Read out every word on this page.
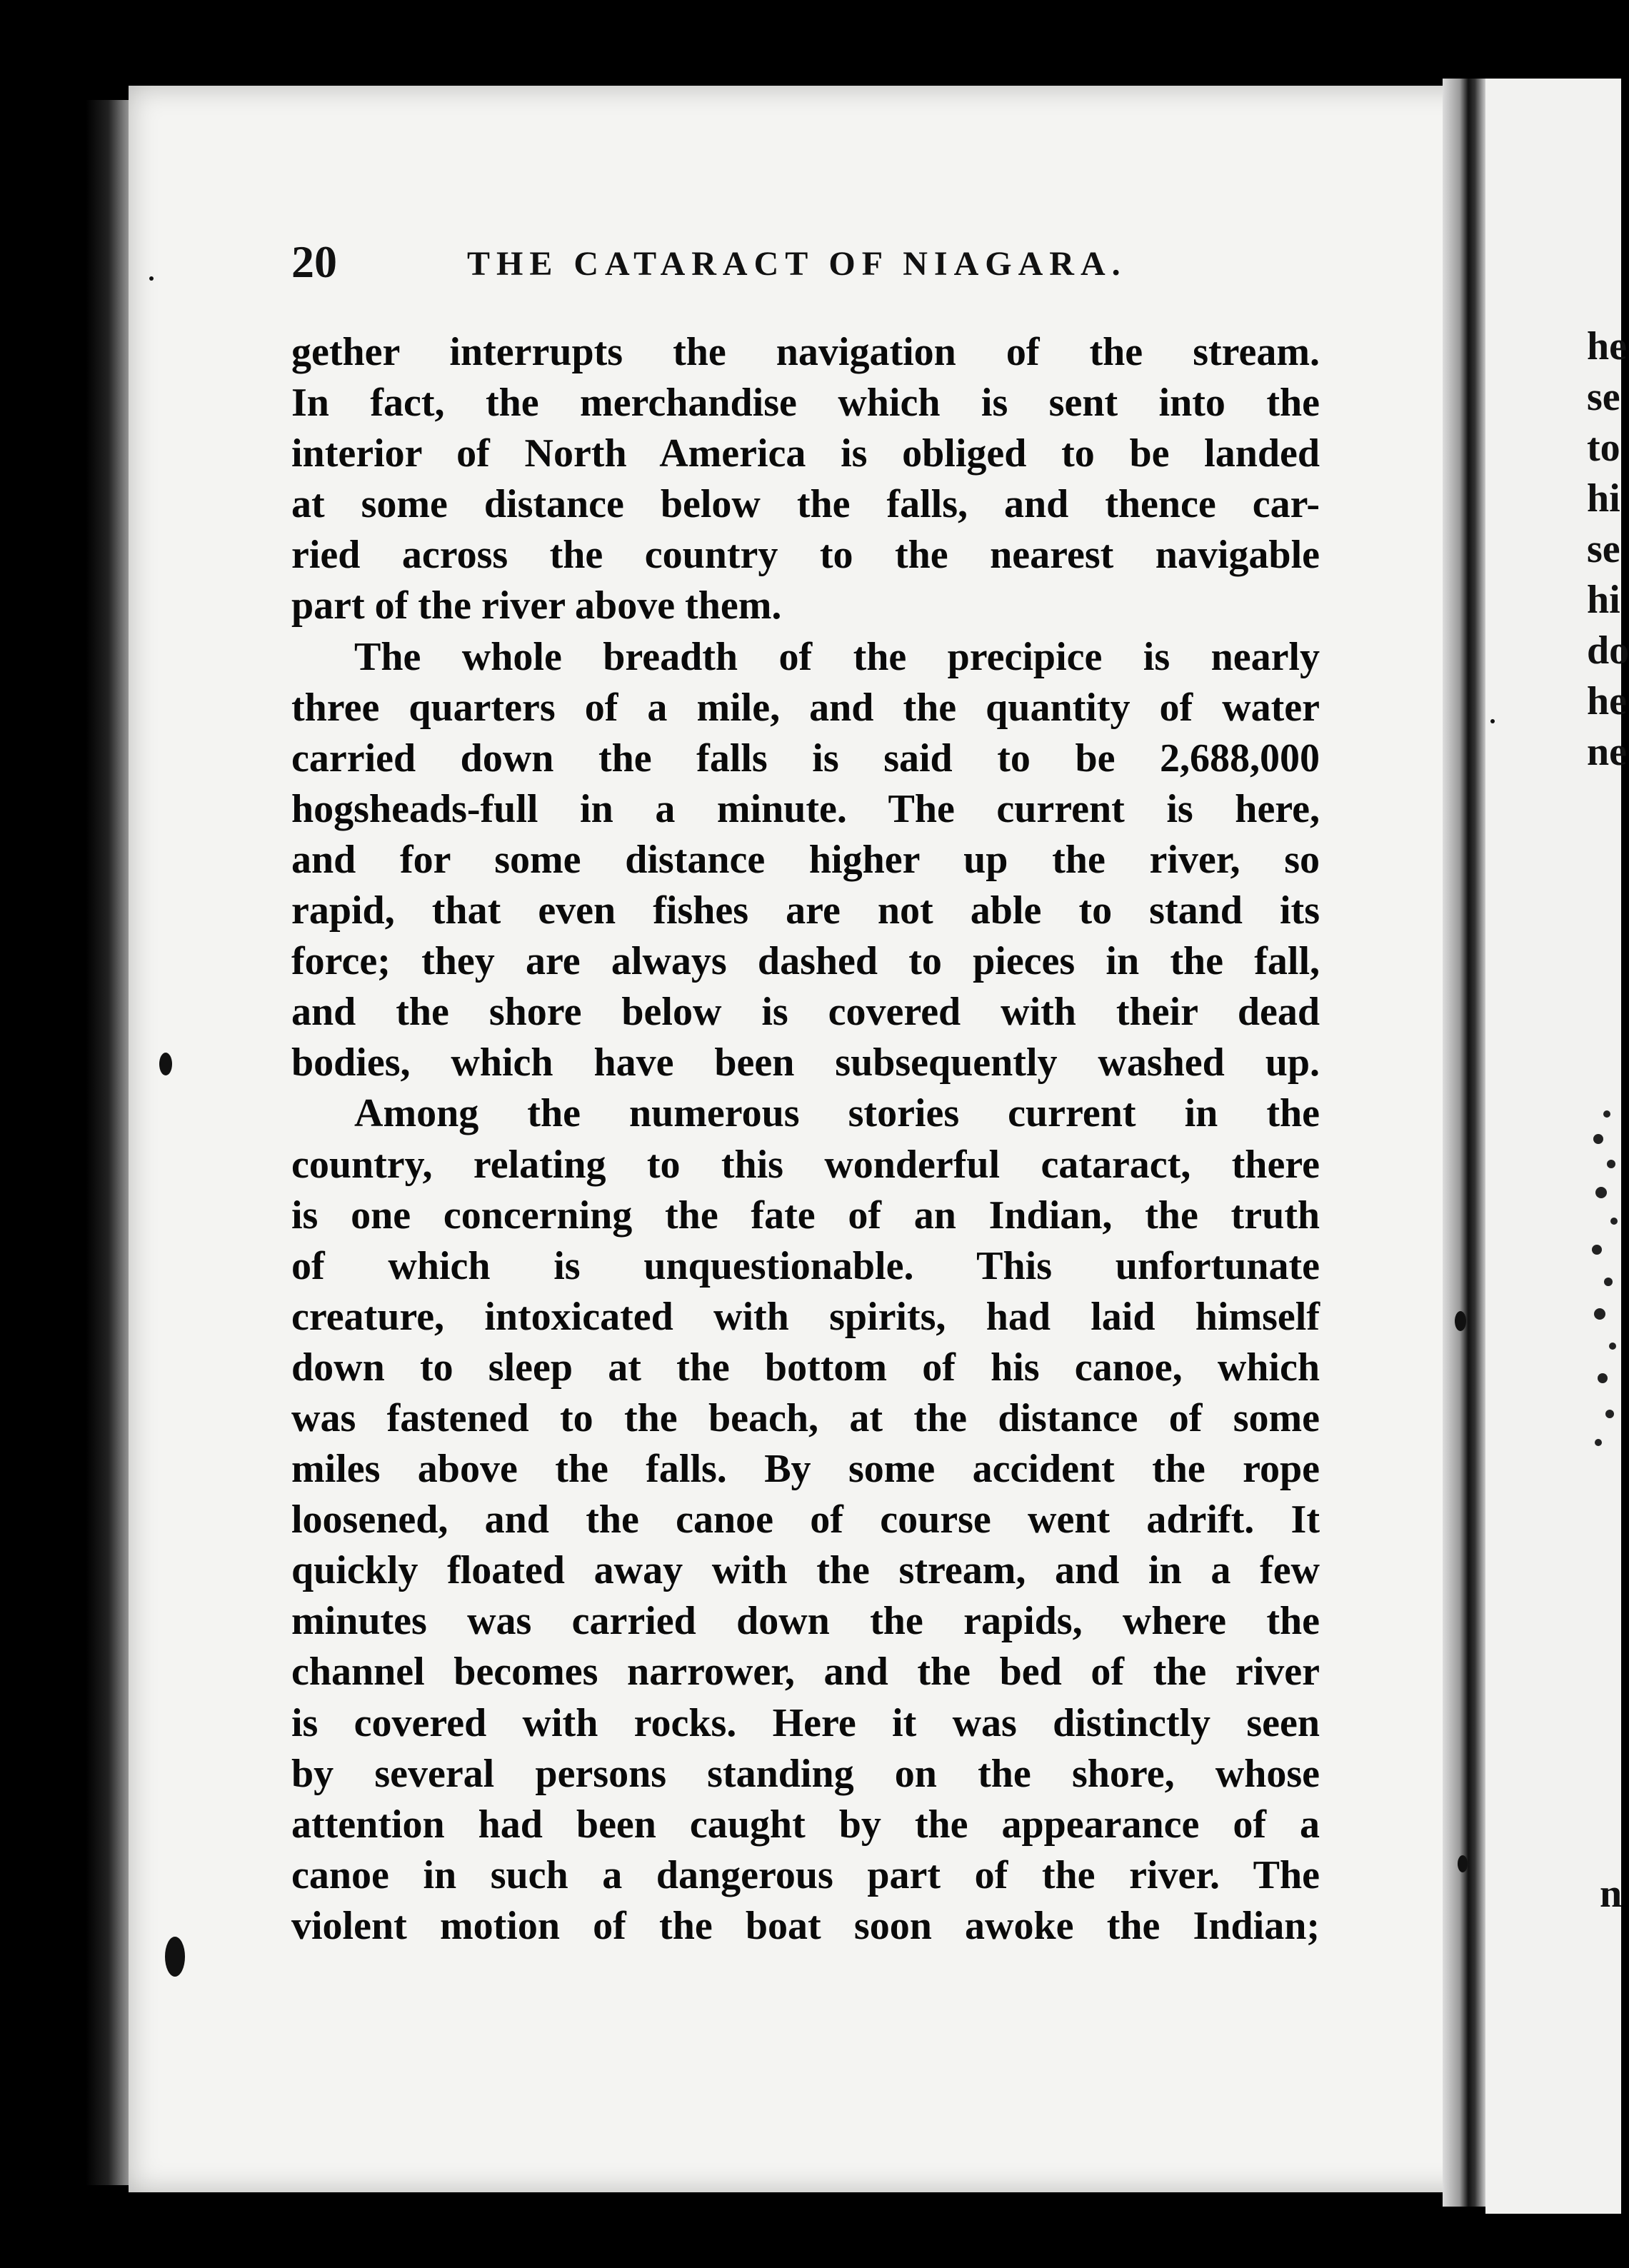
20	THE CATARACT OF NIAGARA.
gether interrupts the navigation of the stream.
In fact, the merchandise which is sent into the
interior of North America is obliged to be landed
at some distance below the falls, and thence car-
ried across the country to the nearest navigable
part of the river above them.
The whole breadth of the precipice is nearly
three quarters of a mile, and the quantity of water
carried down the falls is said to be 2,688,000
hogsheads-full in a minute. The current is here,
and for some distance higher up the river, so
rapid, that even fishes are not able to stand its
force; they are always dashed to pieces in the fall,
and the shore below is covered with their dead
bodies, which have been subsequently washed up.
Among the numerous stories current in the
country, relating to this wonderful cataract, there
is one concerning the fate of an Indian, the truth
of which is unquestionable. This unfortunate
creature, intoxicated with spirits, had laid himself
down to sleep at the bottom of his canoe, which
was fastened to the beach, at the distance of some
miles above the falls. By some accident the rope
loosened, and the canoe of course went adrift. It
quickly floated away with the stream, and in a few
minutes was carried down the rapids, where the
channel becomes narrower, and the bed of the river
is covered with rocks. Here it was distinctly seen
by several persons standing on the shore, whose
attention had been caught by the appearance of a
canoe in such a dangerous part of the river. The
violent motion of the boat soon awoke the Indian;
he
se
to
hi
se
hi
do
he
ne
n
